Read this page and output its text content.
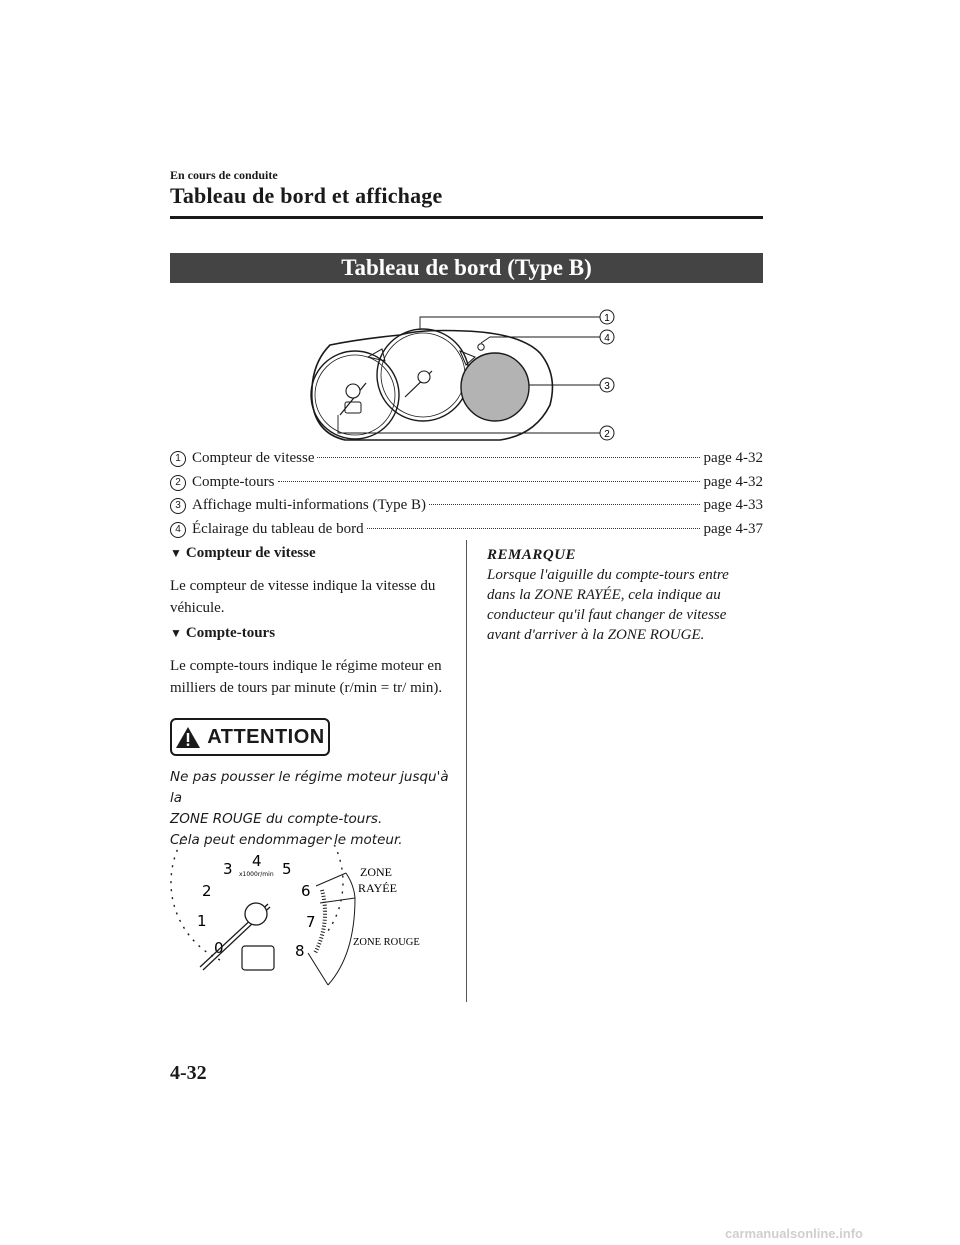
En cours de conduite
Tableau de bord et affichage
Tableau de bord (Type B)
1
4
3
2
1 Compteur de vitesse	page 4-32
2 Compte-tours	page 4-32
3 Affichage multi-informations (Type B)	page 4-33
4 Éclairage du tableau de bord	page 4-37
▼ Compteur de vitesse
Le compteur de vitesse indique la vitesse du véhicule.
▼ Compte-tours
Le compte-tours indique le régime moteur en milliers de tours par minute (r/min = tr/ min).
ATTENTION
Ne pas pousser le régime moteur jusqu'à la
ZONE ROUGE du compte-tours.
Cela peut endommager le moteur.
0
1
2
3 4 5
6
7
8
x1000r/min	ZONE
RAYÉE
ZONE ROUGE
REMARQUE
Lorsque l'aiguille du compte-tours entre dans la ZONE RAYÉE, cela indique au conducteur qu'il faut changer de vitesse avant d'arriver à la ZONE ROUGE.
4-32
carmanualsonline.info
